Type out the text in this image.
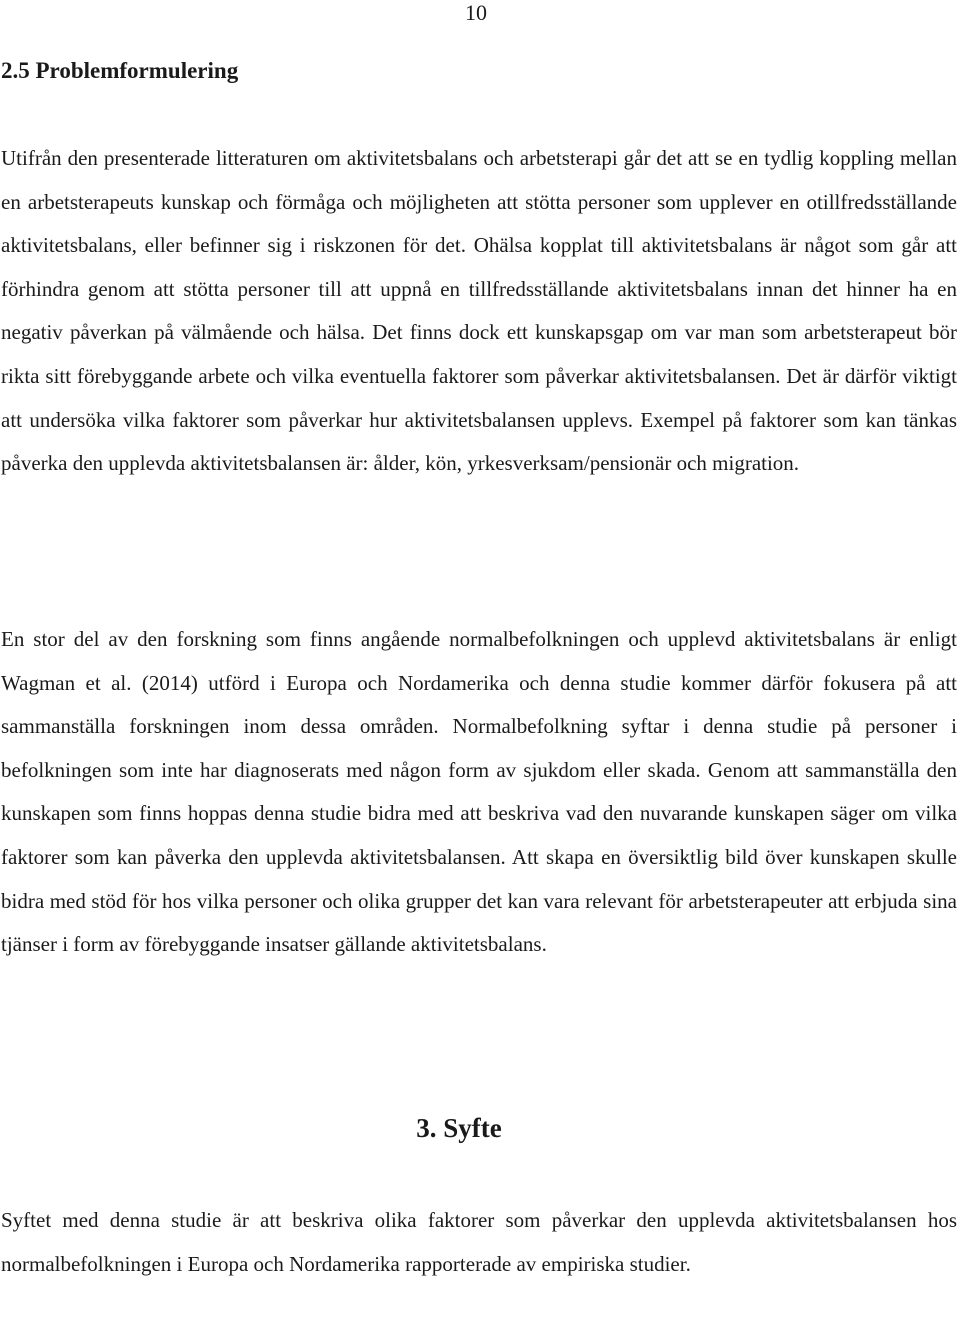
10
2.5 Problemformulering

Utifrån den presenterade litteraturen om aktivitetsbalans och arbetsterapi går det att se en tydlig koppling mellan en arbetsterapeuts kunskap och förmåga och möjligheten att stötta personer som upplever en otillfredsställande aktivitetsbalans, eller befinner sig i riskzonen för det. Ohälsa kopplat till aktivitetsbalans är något som går att förhindra genom att stötta personer till att uppnå en tillfredsställande aktivitetsbalans innan det hinner ha en negativ påverkan på välmående och hälsa. Det finns dock ett kunskapsgap om var man som arbetsterapeut bör rikta sitt förebyggande arbete och vilka eventuella faktorer som påverkar aktivitetsbalansen. Det är därför viktigt att undersöka vilka faktorer som påverkar hur aktivitetsbalansen upplevs. Exempel på faktorer som kan tänkas påverka den upplevda aktivitetsbalansen är: ålder, kön, yrkesverksam/pensionär och migration.

En stor del av den forskning som finns angående normalbefolkningen och upplevd aktivitetsbalans är enligt Wagman et al. (2014) utförd i Europa och Nordamerika och denna studie kommer därför fokusera på att sammanställa forskningen inom dessa områden. Normalbefolkning syftar i denna studie på personer i befolkningen som inte har diagnoserats med någon form av sjukdom eller skada. Genom att sammanställa den kunskapen som finns hoppas denna studie bidra med att beskriva vad den nuvarande kunskapen säger om vilka faktorer som kan påverka den upplevda aktivitetsbalansen. Att skapa en översiktlig bild över kunskapen skulle bidra med stöd för hos vilka personer och olika grupper det kan vara relevant för arbetsterapeuter att erbjuda sina tjänser i form av förebyggande insatser gällande aktivitetsbalans.

3. Syfte

Syftet med denna studie är att beskriva olika faktorer som påverkar den upplevda aktivitetsbalansen hos normalbefolkningen i Europa och Nordamerika rapporterade av empiriska studier.
